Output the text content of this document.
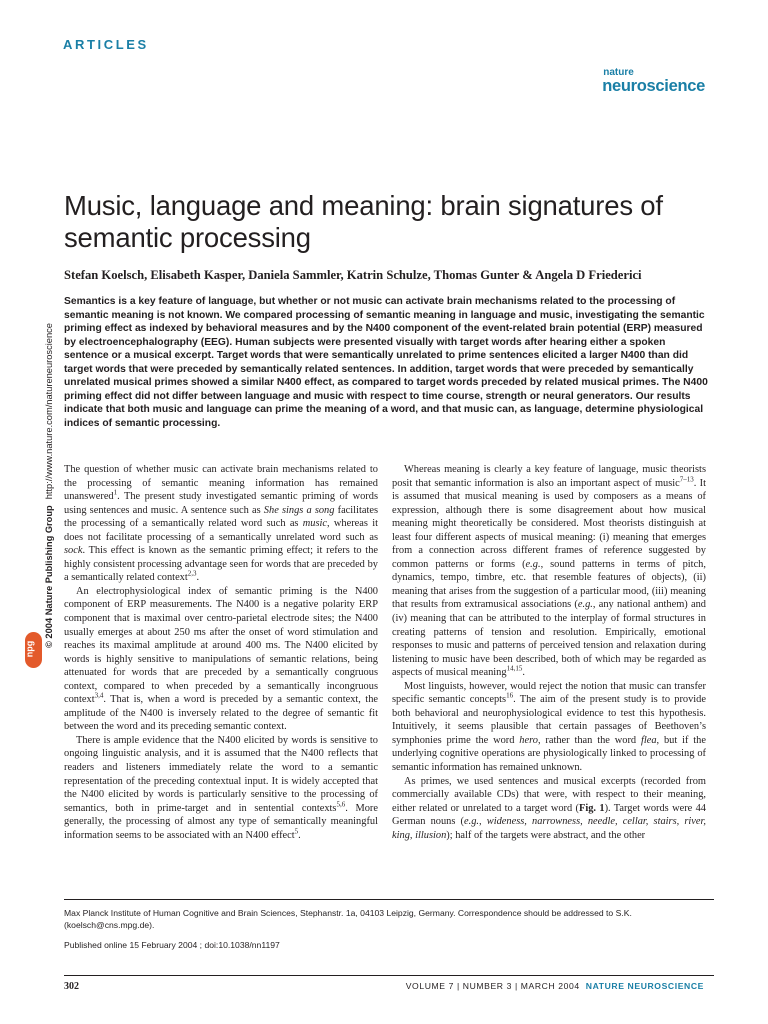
ARTICLES
nature
neuroscience
© 2004 Nature Publishing Grouphttp://www.nature.com/natureneuroscience
npg
Music, language and meaning: brain signatures of semantic processing
Stefan Koelsch, Elisabeth Kasper, Daniela Sammler, Katrin Schulze, Thomas Gunter & Angela D Friederici
Semantics is a key feature of language, but whether or not music can activate brain mechanisms related to the processing of semantic meaning is not known. We compared processing of semantic meaning in language and music, investigating the semantic priming effect as indexed by behavioral measures and by the N400 component of the event-related brain potential (ERP) measured by electroencephalography (EEG). Human subjects were presented visually with target words after hearing either a spoken sentence or a musical excerpt. Target words that were semantically unrelated to prime sentences elicited a larger N400 than did target words that were preceded by semantically related sentences. In addition, target words that were preceded by semantically unrelated musical primes showed a similar N400 effect, as compared to target words preceded by related musical primes. The N400 priming effect did not differ between language and music with respect to time course, strength or neural generators. Our results indicate that both music and language can prime the meaning of a word, and that music can, as language, determine physiological indices of semantic processing.

The question of whether music can activate brain mechanisms related to the processing of semantic meaning information has remained unanswered$^1$. The present study investigated semantic priming of words using sentences and music. A sentence such as She sings a song facilitates the processing of a semantically related word such as music, whereas it does not facilitate processing of a semantically unrelated word such as sock. This effect is known as the semantic priming effect; it refers to the highly consistent processing advantage seen for words that are preceded by a semantically related context$^{2,3}$.

An electrophysiological index of semantic priming is the N400 component of ERP measurements. The N400 is a negative polarity ERP component that is maximal over centro-parietal electrode sites; the N400 usually emerges at about 250 ms after the onset of word stimulation and reaches its maximal amplitude at around 400 ms. The N400 elicited by words is highly sensitive to manipulations of semantic relations, being attenuated for words that are preceded by a semantically congruous context, compared to when preceded by a semantically incongruous context$^{3,4}$. That is, when a word is preceded by a semantic context, the amplitude of the N400 is inversely related to the degree of semantic fit between the word and its preceding semantic context.

There is ample evidence that the N400 elicited by words is sensitive to ongoing linguistic analysis, and it is assumed that the N400 reflects that readers and listeners immediately relate the word to a semantic representation of the preceding contextual input. It is widely accepted that the N400 elicited by words is particularly sensitive to the processing of semantics, both in prime-target and in sentential contexts$^{5,6}$. More generally, the processing of almost any type of semantically meaningful information seems to be associated with an N400 effect$^5$.

Whereas meaning is clearly a key feature of language, music theorists posit that semantic information is also an important aspect of music$^{7-13}$. It is assumed that musical meaning is used by composers as a means of expression, although there is some disagreement about how musical meaning might theoretically be considered. Most theorists distinguish at least four different aspects of musical meaning: (i) meaning that emerges from a connection across different frames of reference suggested by common patterns or forms (e.g., sound patterns in terms of pitch, dynamics, tempo, timbre, etc. that resemble features of objects), (ii) meaning that arises from the suggestion of a particular mood, (iii) meaning that results from extramusical associations (e.g., any national anthem) and (iv) meaning that can be attributed to the interplay of formal structures in creating patterns of tension and resolution. Empirically, emotional responses to music and patterns of perceived tension and relaxation during listening to music have been described, both of which may be regarded as aspects of musical meaning$^{14,15}$.

Most linguists, however, would reject the notion that music can transfer specific semantic concepts$^{16}$. The aim of the present study is to provide both behavioral and neurophysiological evidence to test this hypothesis. Intuitively, it seems plausible that certain passages of Beethoven’s symphonies prime the word hero, rather than the word flea, but if the underlying cognitive operations are physiologically linked to processing of semantic information has remained unknown.

As primes, we used sentences and musical excerpts (recorded from commercially available CDs) that were, with respect to their meaning, either related or unrelated to a target word (Fig. 1). Target words were 44 German nouns (e.g., wideness, narrowness, needle, cellar, stairs, river, king, illusion); half of the targets were abstract, and the other

Max Planck Institute of Human Cognitive and Brain Sciences, Stephanstr. 1a, 04103 Leipzig, Germany. Correspondence should be addressed to S.K. (koelsch@cns.mpg.de).
Published online 15 February 2004 ; doi:10.1038/nn1197
302	VOLUME 7 | NUMBER 3 | MARCH 2004 NATURE NEUROSCIENCE
